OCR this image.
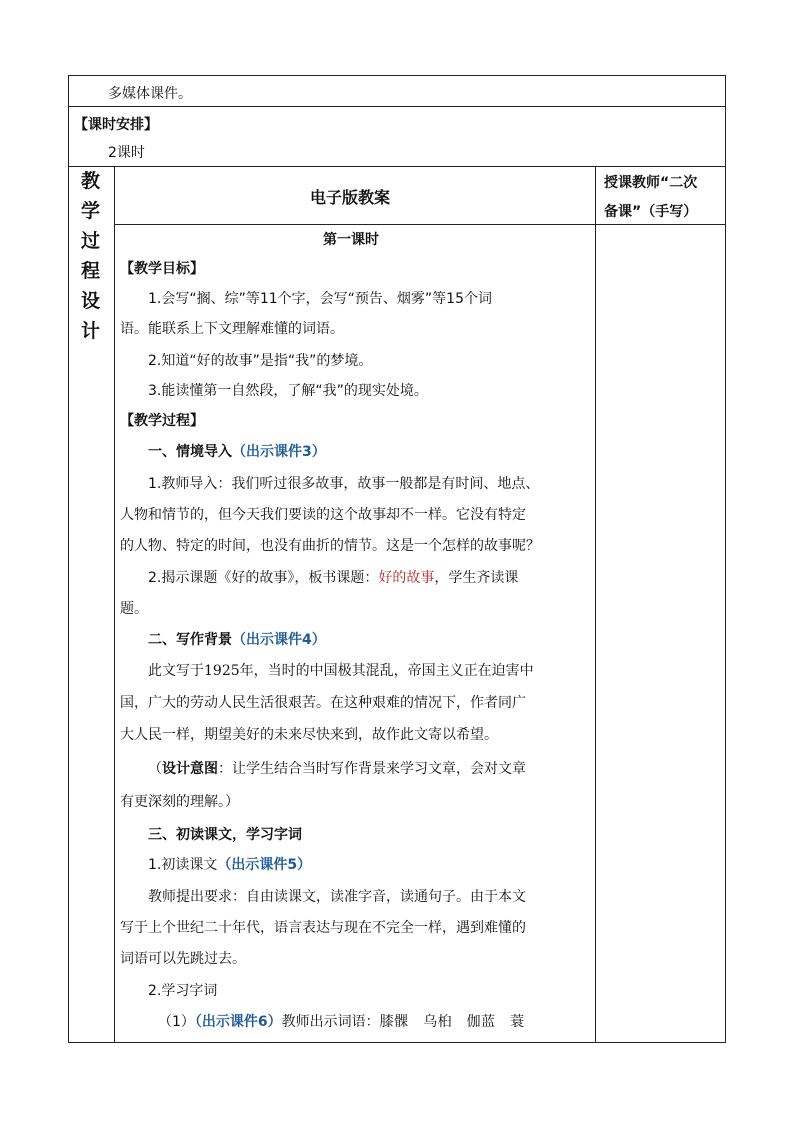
多媒体课件。
【课时安排】
2课时
教
学
过
程
设
计
电子版教案
授课教师“二次
备课”（手写）
第一课时
【教学目标】
1.会写“搁、综”等11个字，会写“预告、烟雾”等15个词
语。能联系上下文理解难懂的词语。
2.知道“好的故事”是指“我”的梦境。
3.能读懂第一自然段，了解“我”的现实处境。
【教学过程】
一、情境导入（出示课件3）
1.教师导入：我们听过很多故事，故事一般都是有时间、地点、
人物和情节的，但今天我们要读的这个故事却不一样。它没有特定
的人物、特定的时间，也没有曲折的情节。这是一个怎样的故事呢？
2.揭示课题《好的故事》，板书课题：好的故事，学生齐读课
题。
二、写作背景（出示课件4）
此文写于1925年，当时的中国极其混乱，帝国主义正在迫害中
国，广大的劳动人民生活很艰苦。在这种艰难的情况下，作者同广
大人民一样，期望美好的未来尽快来到，故作此文寄以希望。
（设计意图：让学生结合当时写作背景来学习文章，会对文章
有更深刻的理解。）
三、初读课文，学习字词
1.初读课文（出示课件5）
教师提出要求：自由读课文，读准字音，读通句子。由于本文
写于上个世纪二十年代，语言表达与现在不完全一样，遇到难懂的
词语可以先跳过去。
2.学习字词
（1）（出示课件6）教师出示词语：膝髁　乌桕　伽蓝　蓑
